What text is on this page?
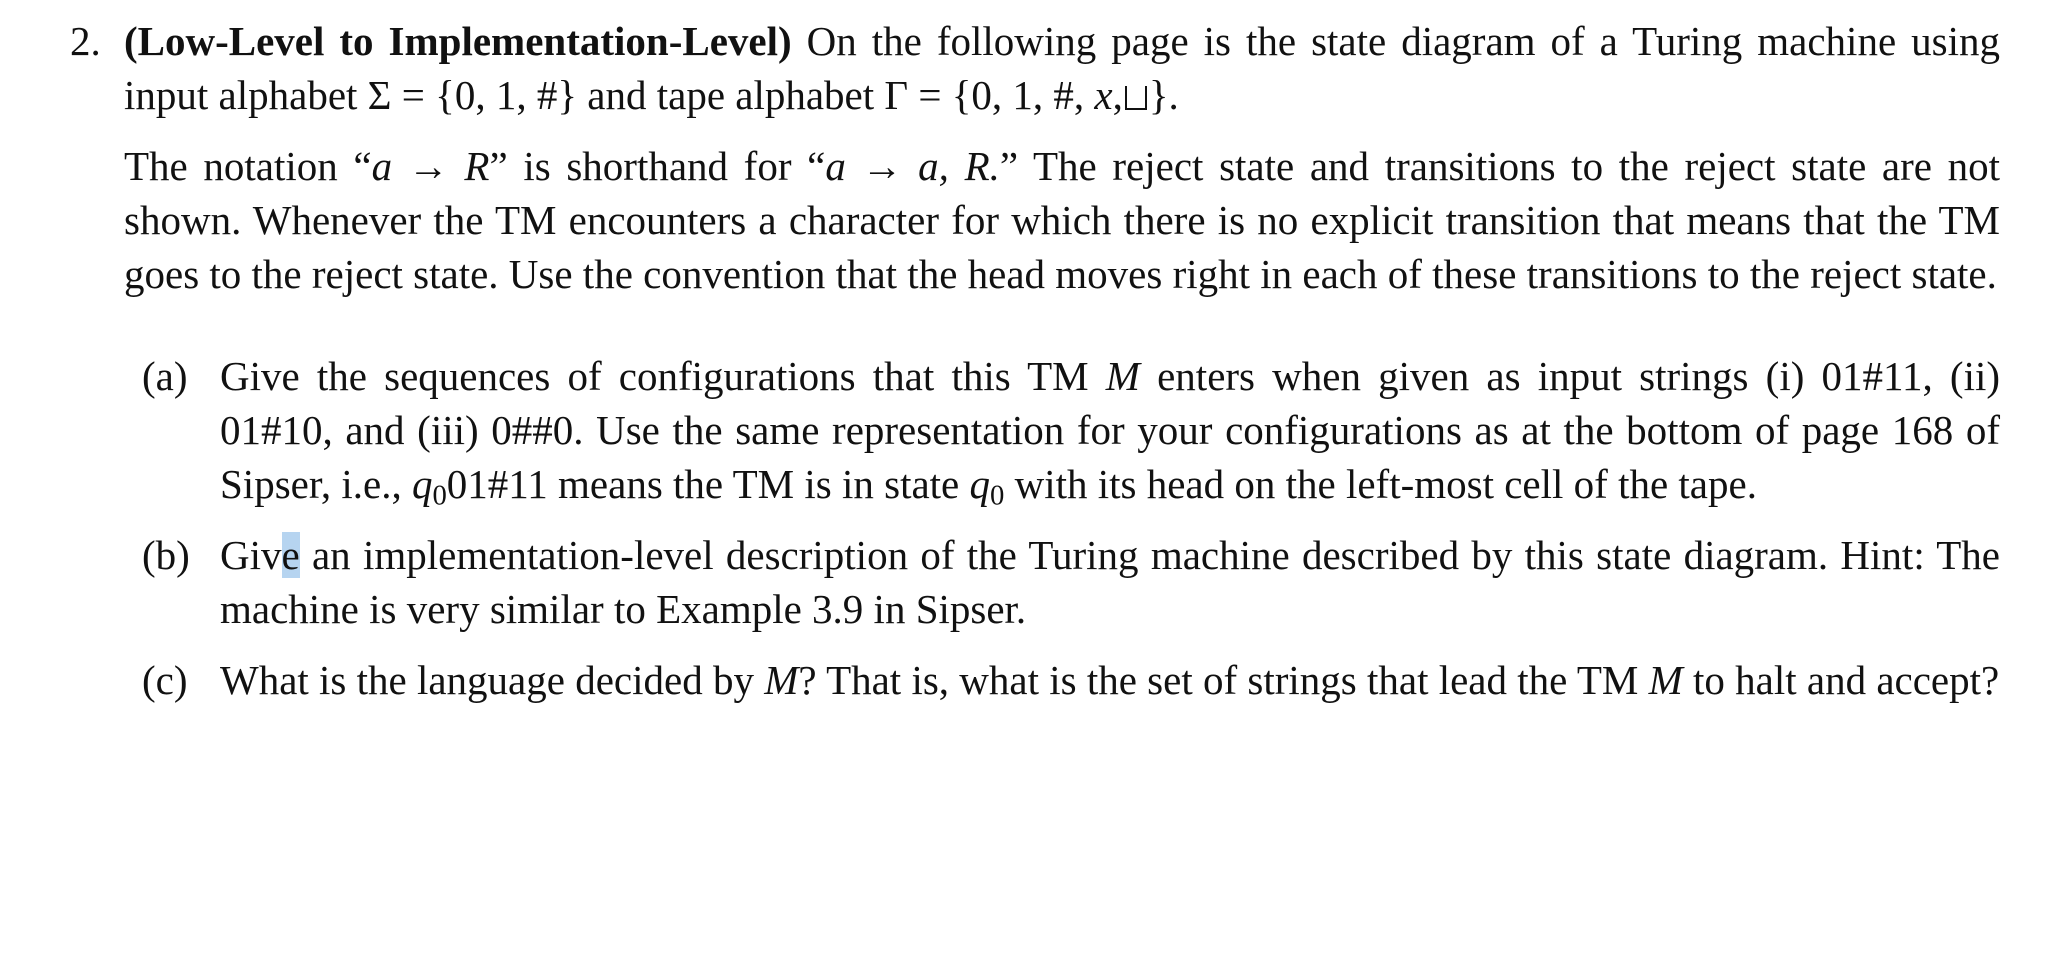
2. (Low-Level to Implementation-Level) On the following page is the state diagram of a Turing machine using input alphabet Σ = {0, 1, #} and tape alphabet Γ = {0, 1, #, x, }.

The notation “a → R” is shorthand for “a → a, R.” The reject state and transitions to the reject state are not shown. Whenever the TM encounters a character for which there is no explicit transition that means that the TM goes to the reject state. Use the convention that the head moves right in each of these transitions to the reject state.

(a) Give the sequences of configurations that this TM M enters when given as input strings (i) 01#11, (ii) 01#10, and (iii) 0##0. Use the same representation for your configurations as at the bottom of page 168 of Sipser, i.e., $q_001\#11$ means the TM is in state $q_0$ with its head on the left-most cell of the tape.
(b) Give an implementation-level description of the Turing machine described by this state diagram. Hint: The machine is very similar to Example 3.9 in Sipser.
(c) What is the language decided by M? That is, what is the set of strings that lead the TM M to halt and accept?
